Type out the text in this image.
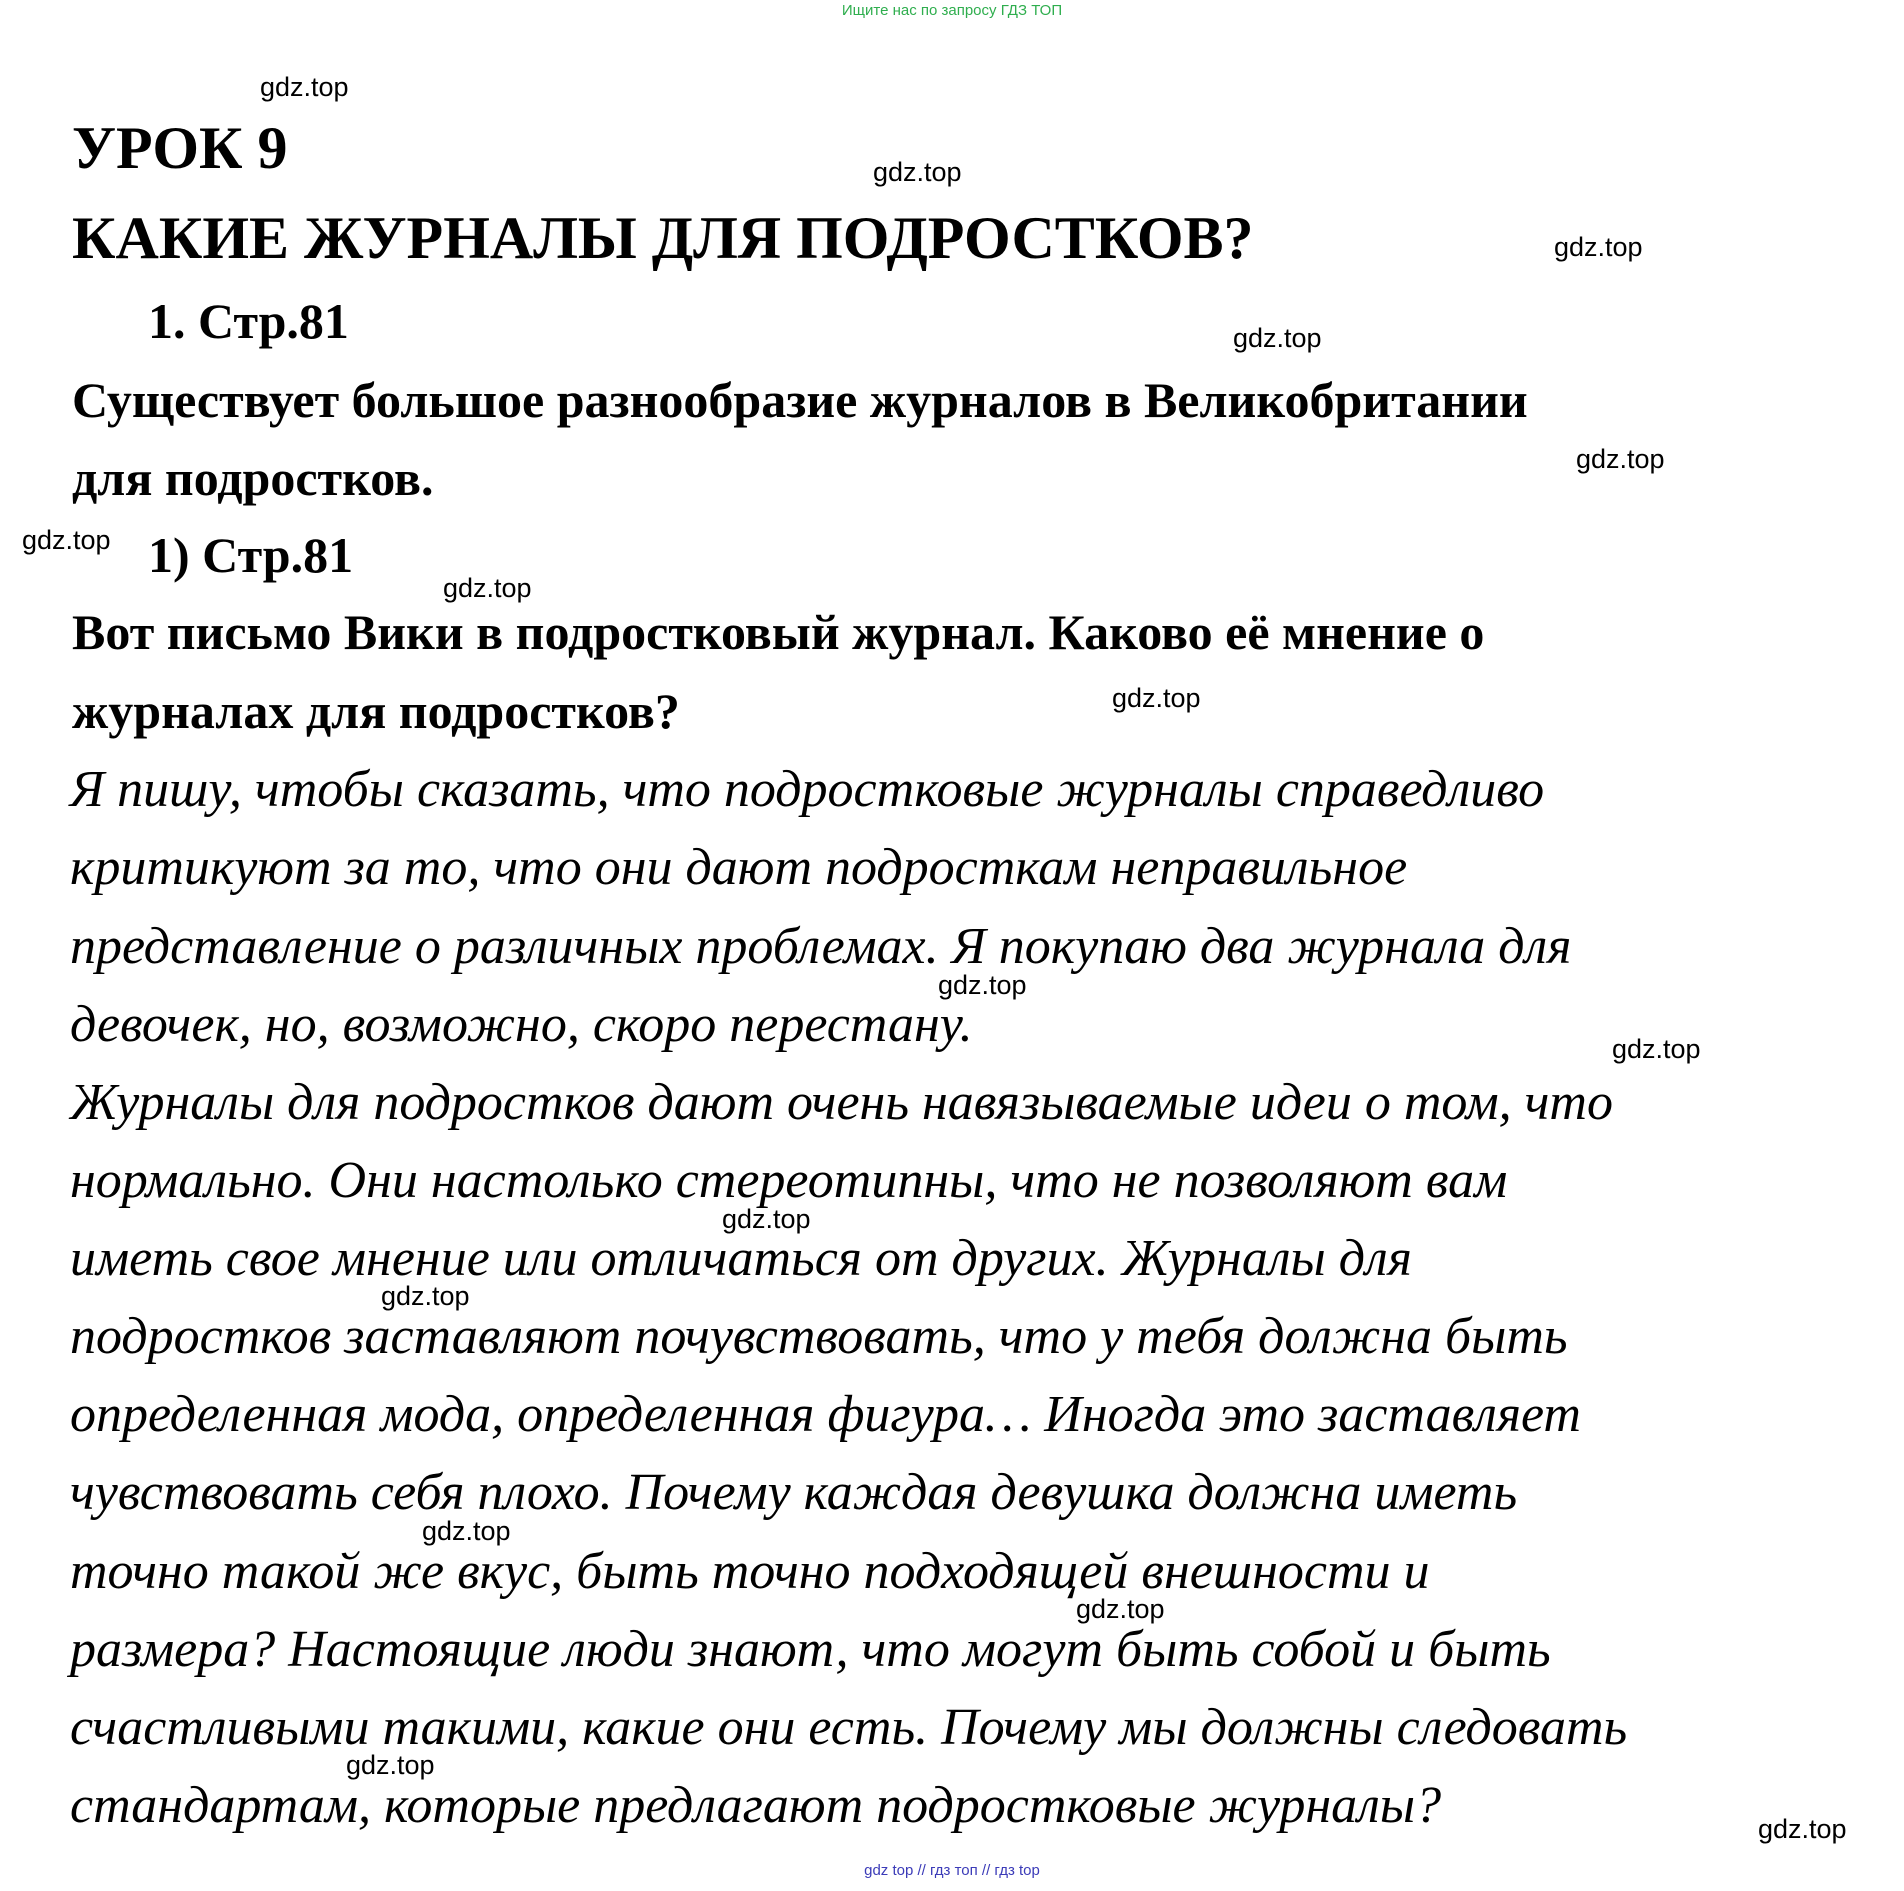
Ищите нас по запросу ГДЗ ТОП
УРОК 9
КАКИЕ ЖУРНАЛЫ ДЛЯ ПОДРОСТКОВ?
1. Стр.81
Существует большое разнообразие журналов в Великобритании
для подростков.
1) Стр.81
Вот письмо Вики в подростковый журнал. Каково её мнение о
журналах для подростков?
Я пишу, чтобы сказать, что подростковые журналы справедливо
критикуют за то, что они дают подросткам неправильное
представление о различных проблемах. Я покупаю два журнала для
девочек, но, возможно, скоро перестану.
Журналы для подростков дают очень навязываемые идеи о том, что
нормально. Они настолько стереотипны, что не позволяют вам
иметь свое мнение или отличаться от других. Журналы для
подростков заставляют почувствовать, что у тебя должна быть
определенная мода, определенная фигура… Иногда это заставляет
чувствовать себя плохо. Почему каждая девушка должна иметь
точно такой же вкус, быть точно подходящей внешности и
размера? Настоящие люди знают, что могут быть собой и быть
счастливыми такими, какие они есть. Почему мы должны следовать
стандартам, которые предлагают подростковые журналы?
gdz.top
gdz.top
gdz.top
gdz.top
gdz.top
gdz.top
gdz.top
gdz.top
gdz.top
gdz.top
gdz.top
gdz.top
gdz.top
gdz.top
gdz.top
gdz.top
gdz top // гдз топ // гдз top
